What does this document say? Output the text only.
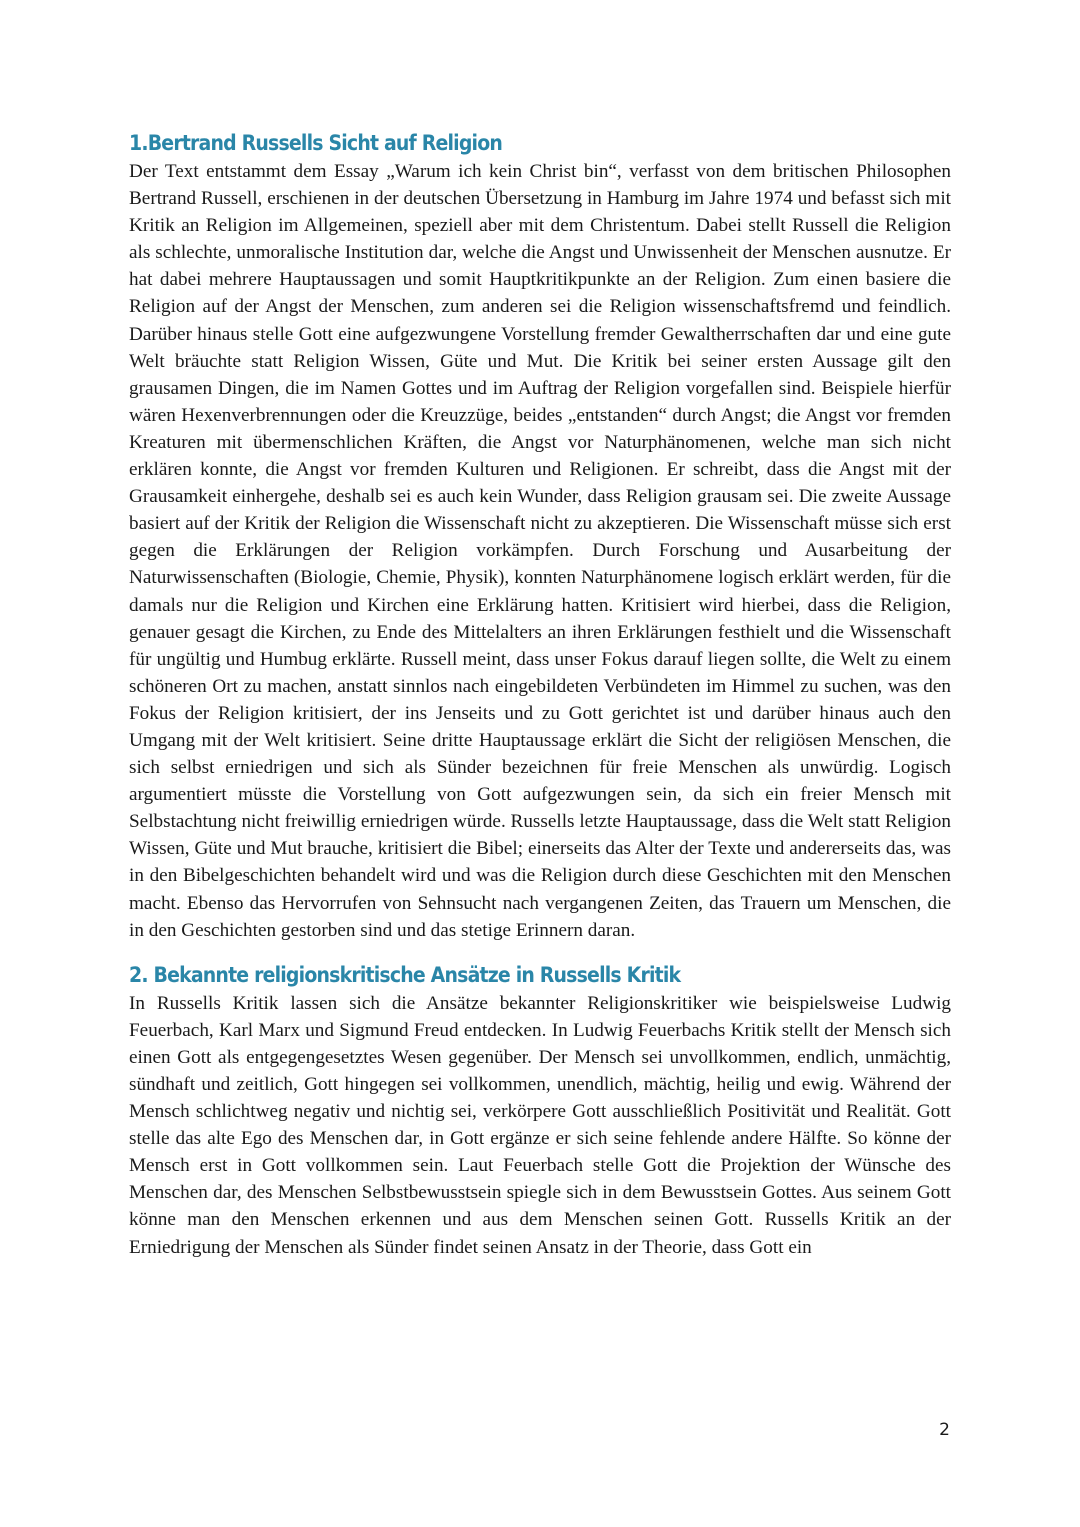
1.Bertrand Russells Sicht auf Religion

Der Text entstammt dem Essay „Warum ich kein Christ bin“, verfasst von dem britischen Philosophen Bertrand Russell, erschienen in der deutschen Übersetzung in Hamburg im Jahre 1974 und befasst sich mit Kritik an Religion im Allgemeinen, speziell aber mit dem Christentum. Dabei stellt Russell die Religion als schlechte, unmoralische Institution dar, welche die Angst und Unwissenheit der Menschen ausnutze. Er hat dabei mehrere Hauptaussagen und somit Hauptkritikpunkte an der Religion. Zum einen basiere die Religion auf der Angst der Menschen, zum anderen sei die Religion wissenschaftsfremd und feindlich. Darüber hinaus stelle Gott eine aufgezwungene Vorstellung fremder Gewaltherrschaften dar und eine gute Welt bräuchte statt Religion Wissen, Güte und Mut. Die Kritik bei seiner ersten Aussage gilt den grausamen Dingen, die im Namen Gottes und im Auftrag der Religion vorgefallen sind. Beispiele hierfür wären Hexenverbrennungen oder die Kreuzzüge, beides „entstanden“ durch Angst; die Angst vor fremden Kreaturen mit übermenschlichen Kräften, die Angst vor Naturphänomenen, welche man sich nicht erklären konnte, die Angst vor fremden Kulturen und Religionen. Er schreibt, dass die Angst mit der Grausamkeit einhergehe, deshalb sei es auch kein Wunder, dass Religion grausam sei. Die zweite Aussage basiert auf der Kritik der Religion die Wissenschaft nicht zu akzeptieren. Die Wissenschaft müsse sich erst gegen die Erklärungen der Religion vorkämpfen. Durch Forschung und Ausarbeitung der Naturwissenschaften (Biologie, Chemie, Physik), konnten Naturphänomene logisch erklärt werden, für die damals nur die Religion und Kirchen eine Erklärung hatten. Kritisiert wird hierbei, dass die Religion, genauer gesagt die Kirchen, zu Ende des Mittelalters an ihren Erklärungen festhielt und die Wissenschaft für ungültig und Humbug erklärte. Russell meint, dass unser Fokus darauf liegen sollte, die Welt zu einem schöneren Ort zu machen, anstatt sinnlos nach eingebildeten Verbündeten im Himmel zu suchen, was den Fokus der Religion kritisiert, der ins Jenseits und zu Gott gerichtet ist und darüber hinaus auch den Umgang mit der Welt kritisiert. Seine dritte Hauptaussage erklärt die Sicht der religiösen Menschen, die sich selbst erniedrigen und sich als Sünder bezeichnen für freie Menschen als unwürdig. Logisch argumentiert müsste die Vorstellung von Gott aufgezwungen sein, da sich ein freier Mensch mit Selbstachtung nicht freiwillig erniedrigen würde. Russells letzte Hauptaussage, dass die Welt statt Religion Wissen, Güte und Mut brauche, kritisiert die Bibel; einerseits das Alter der Texte und andererseits das, was in den Bibelgeschichten behandelt wird und was die Religion durch diese Geschichten mit den Menschen macht. Ebenso das Hervorrufen von Sehnsucht nach vergangenen Zeiten, das Trauern um Menschen, die in den Geschichten gestorben sind und das stetige Erinnern daran.

2. Bekannte religionskritische Ansätze in Russells Kritik

In Russells Kritik lassen sich die Ansätze bekannter Religionskritiker wie beispielsweise Ludwig Feuerbach, Karl Marx und Sigmund Freud entdecken. In Ludwig Feuerbachs Kritik stellt der Mensch sich einen Gott als entgegengesetztes Wesen gegenüber. Der Mensch sei unvollkommen, endlich, unmächtig, sündhaft und zeitlich, Gott hingegen sei vollkommen, unendlich, mächtig, heilig und ewig. Während der Mensch schlichtweg negativ und nichtig sei, verkörpere Gott ausschließlich Positivität und Realität. Gott stelle das alte Ego des Menschen dar, in Gott ergänze er sich seine fehlende andere Hälfte. So könne der Mensch erst in Gott vollkommen sein. Laut Feuerbach stelle Gott die Projektion der Wünsche des Menschen dar, des Menschen Selbstbewusstsein spiegle sich in dem Bewusstsein Gottes. Aus seinem Gott könne man den Menschen erkennen und aus dem Menschen seinen Gott. Russells Kritik an der Erniedrigung der Menschen als Sünder findet seinen Ansatz in der Theorie, dass Gott ein

2
